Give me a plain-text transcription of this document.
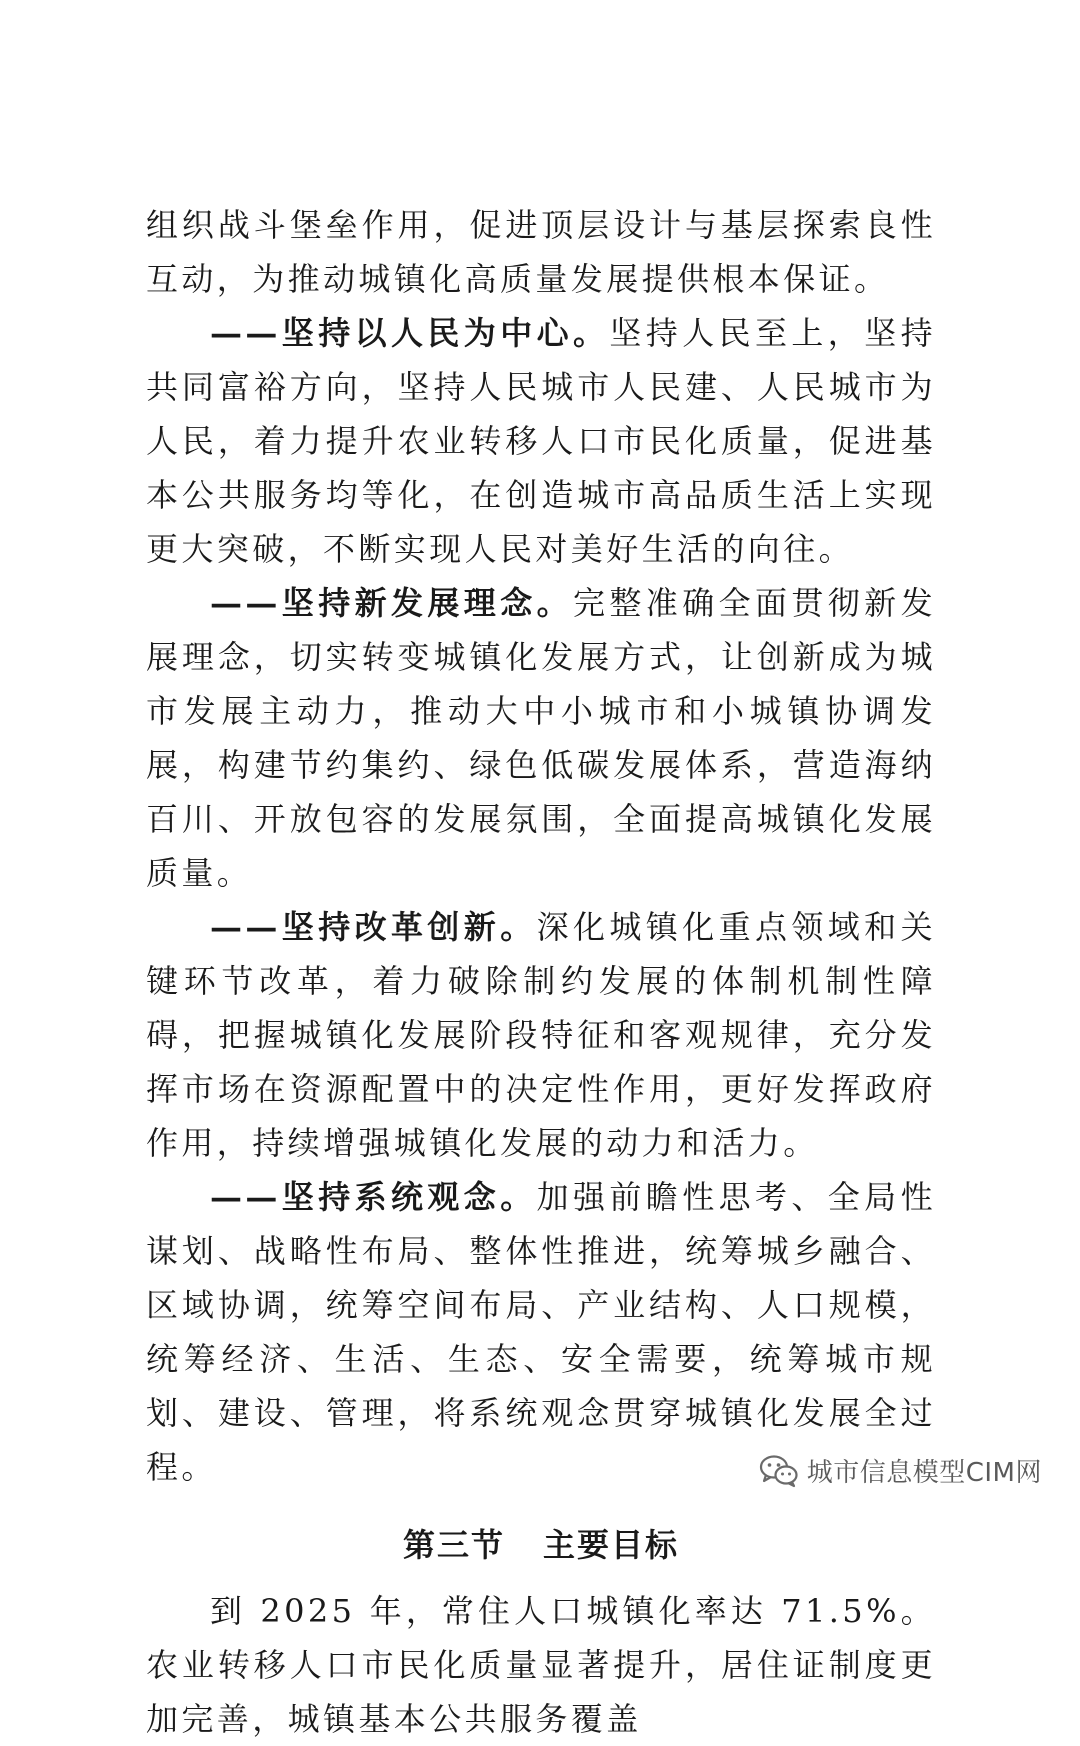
组织战斗堡垒作用，促进顶层设计与基层探索良性互动，为推动城镇化高质量发展提供根本保证。

——坚持以人民为中心。坚持人民至上，坚持共同富裕方向，坚持人民城市人民建、人民城市为人民，着力提升农业转移人口市民化质量，促进基本公共服务均等化，在创造城市高品质生活上实现更大突破，不断实现人民对美好生活的向往。

——坚持新发展理念。完整准确全面贯彻新发展理念，切实转变城镇化发展方式，让创新成为城市发展主动力，推动大中小城市和小城镇协调发展，构建节约集约、绿色低碳发展体系，营造海纳百川、开放包容的发展氛围，全面提高城镇化发展质量。

——坚持改革创新。深化城镇化重点领域和关键环节改革，着力破除制约发展的体制机制性障碍，把握城镇化发展阶段特征和客观规律，充分发挥市场在资源配置中的决定性作用，更好发挥政府作用，持续增强城镇化发展的动力和活力。

——坚持系统观念。加强前瞻性思考、全局性谋划、战略性布局、整体性推进，统筹城乡融合、区域协调，统筹空间布局、产业结构、人口规模，统筹经济、生活、生态、安全需要，统筹城市规划、建设、管理，将系统观念贯穿城镇化发展全过程。

第三节 主要目标

到 2025 年，常住人口城镇化率达 71.5%。农业转移人口市民化质量显著提升，居住证制度更加完善，城镇基本公共服务覆盖

城市信息模型CIM网
